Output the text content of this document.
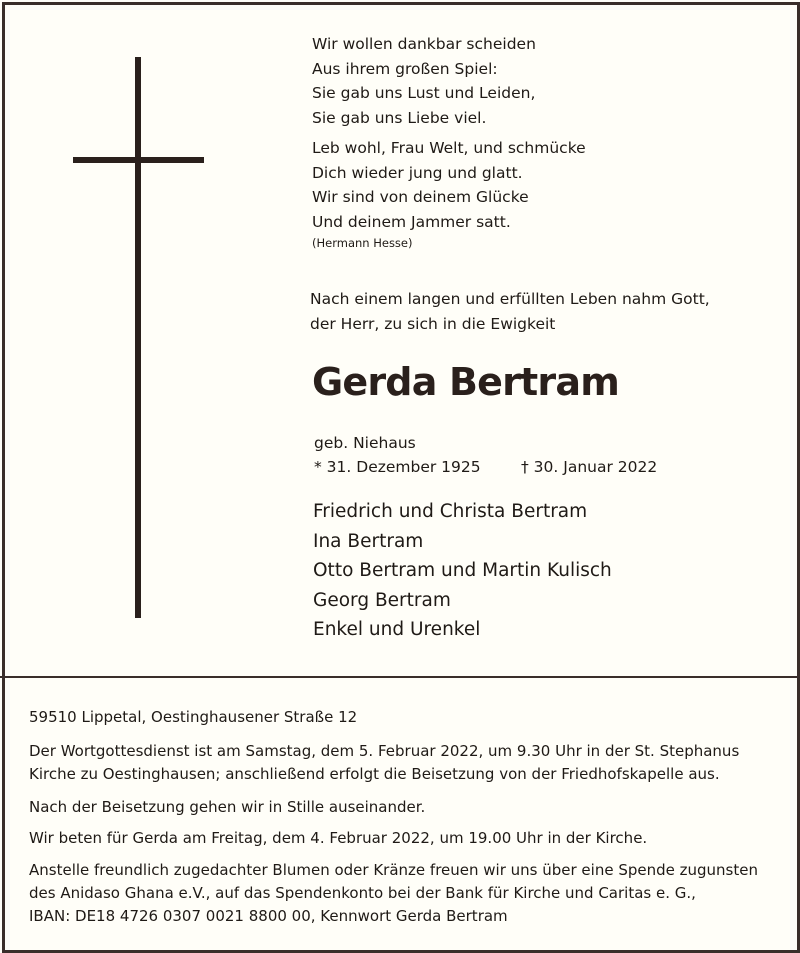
Wir wollen dankbar scheiden
Aus ihrem großen Spiel:
Sie gab uns Lust und Leiden,
Sie gab uns Liebe viel.
Leb wohl, Frau Welt, und schmücke
Dich wieder jung und glatt.
Wir sind von deinem Glücke
Und deinem Jammer satt.
(Hermann Hesse)
Nach einem langen und erfüllten Leben nahm Gott,
der Herr, zu sich in die Ewigkeit
Gerda Bertram
geb. Niehaus
* 31. Dezember 1925	† 30. Januar 2022
Friedrich und Christa Bertram
Ina Bertram
Otto Bertram und Martin Kulisch
Georg Bertram
Enkel und Urenkel
59510 Lippetal, Oestinghausener Straße 12
Der Wortgottesdienst ist am Samstag, dem 5. Februar 2022, um 9.30 Uhr in der St. Stephanus
Kirche zu Oestinghausen; anschließend erfolgt die Beisetzung von der Friedhofskapelle aus.
Nach der Beisetzung gehen wir in Stille auseinander.
Wir beten für Gerda am Freitag, dem 4. Februar 2022, um 19.00 Uhr in der Kirche.
Anstelle freundlich zugedachter Blumen oder Kränze freuen wir uns über eine Spende zugunsten
des Anidaso Ghana e.V., auf das Spendenkonto bei der Bank für Kirche und Caritas e. G.,
IBAN: DE18 4726 0307 0021 8800 00, Kennwort Gerda Bertram
